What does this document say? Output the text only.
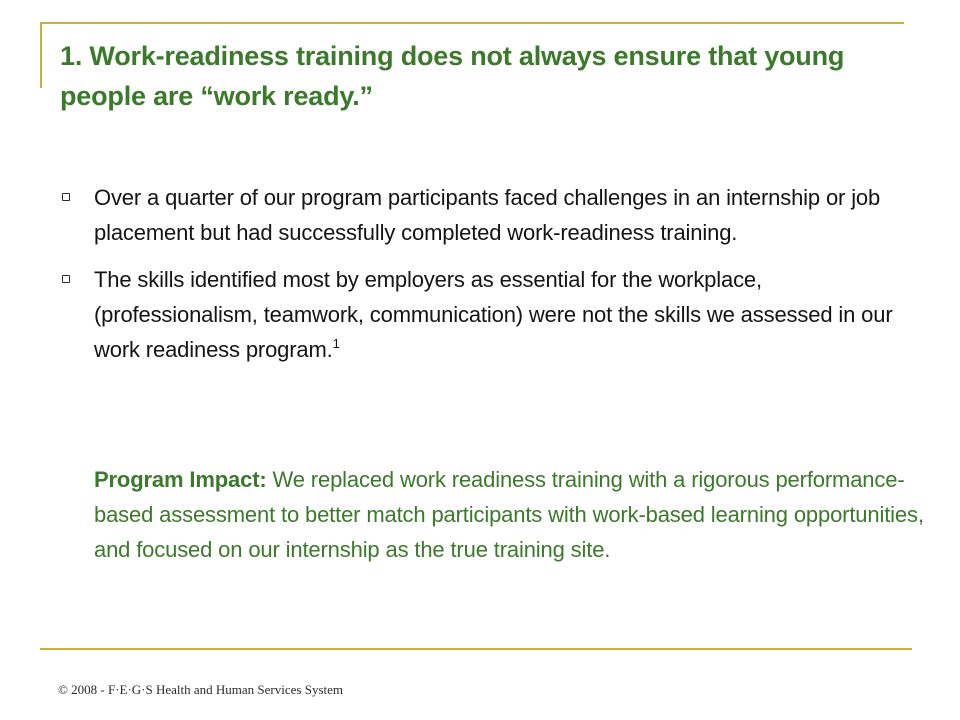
1. Work-readiness training does not always ensure that young people are “work ready.”
Over a quarter of our program participants faced challenges in an internship or job placement but had successfully completed work-readiness training.
The skills identified most by employers as essential for the workplace, (professionalism, teamwork, communication) were not the skills we assessed in our work readiness program.$^1$

Program Impact: We replaced work readiness training with a rigorous performance-based assessment to better match participants with work-based learning opportunities, and focused on our internship as the true training site.

© 2008 - F·E·G·S Health and Human Services System
